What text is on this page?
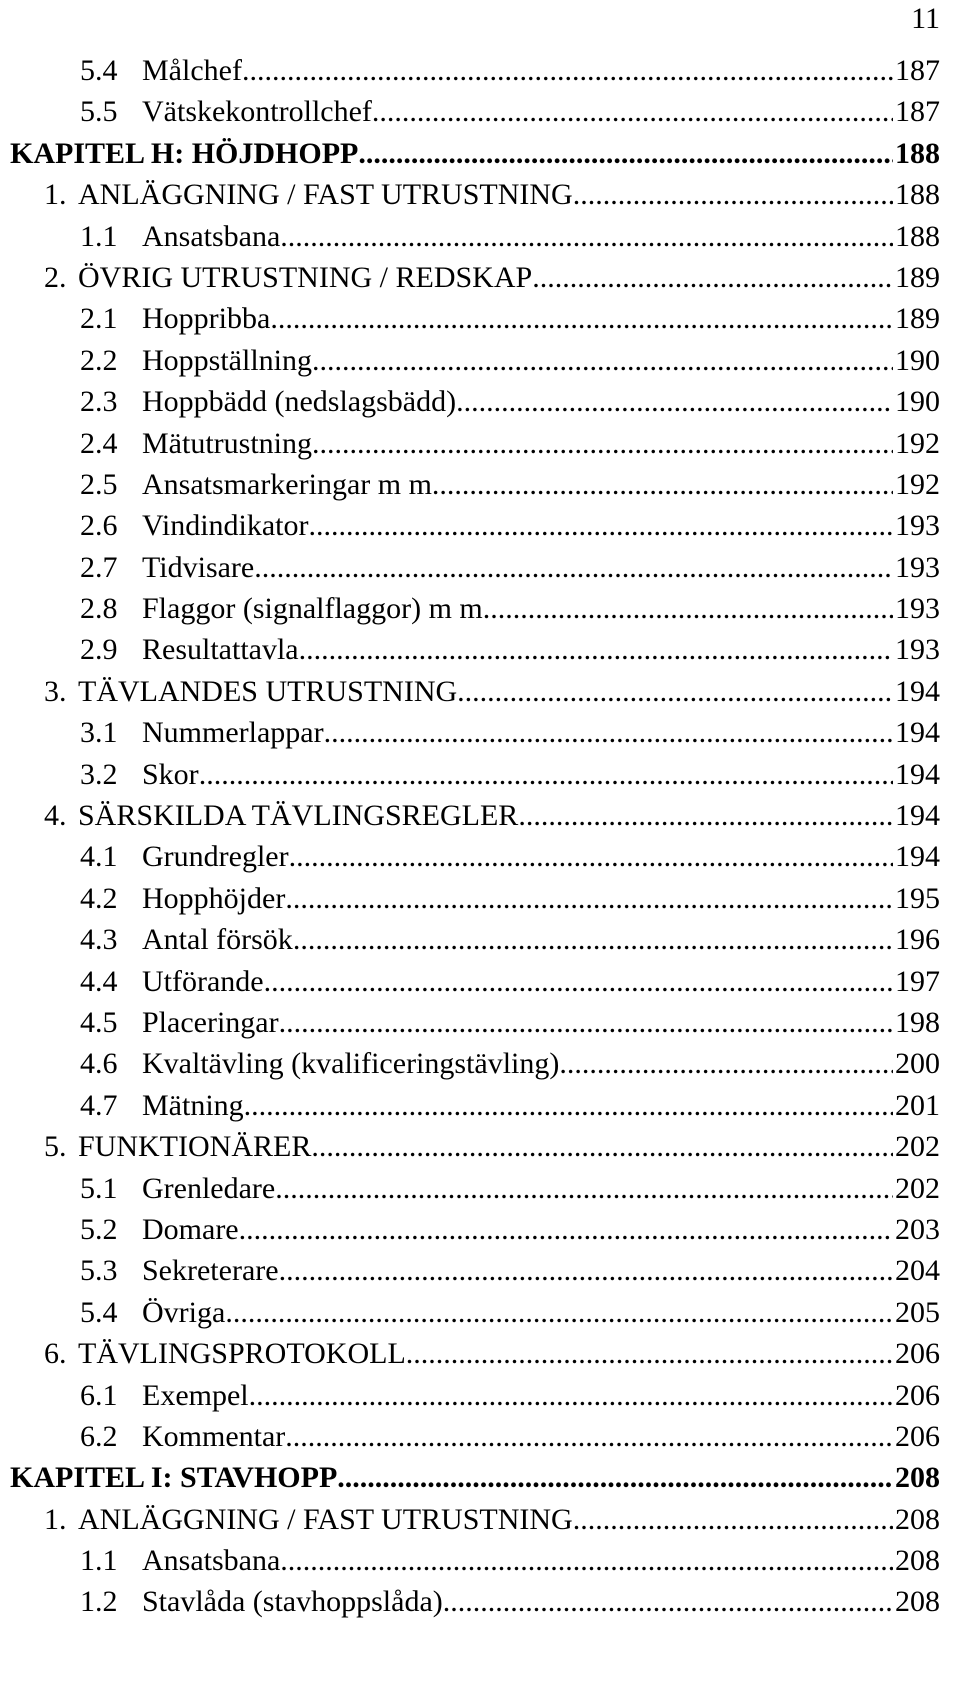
11
5.4 Målchef .....	187
5.5 Vätskekontrollchef .....	187
KAPITEL H: HÖJDHOPP .....	188
1. ANLÄGGNING / FAST UTRUSTNING .....	188
1.1 Ansatsbana .....	188
2. ÖVRIG UTRUSTNING / REDSKAP .....	189
2.1 Hoppribba .....	189
2.2 Hoppställning .....	190
2.3 Hoppbädd (nedslagsbädd) .....	190
2.4 Mätutrustning .....	192
2.5 Ansatsmarkeringar m m .....	192
2.6 Vindindikator .....	193
2.7 Tidvisare .....	193
2.8 Flaggor (signalflaggor) m m .....	193
2.9 Resultattavla .....	193
3. TÄVLANDES UTRUSTNING .....	194
3.1 Nummerlappar .....	194
3.2 Skor .....	194
4. SÄRSKILDA TÄVLINGSREGLER .....	194
4.1 Grundregler .....	194
4.2 Hopphöjder .....	195
4.3 Antal försök .....	196
4.4 Utförande .....	197
4.5 Placeringar .....	198
4.6 Kvaltävling (kvalificeringstävling) .....	200
4.7 Mätning .....	201
5. FUNKTIONÄRER .....	202
5.1 Grenledare .....	202
5.2 Domare .....	203
5.3 Sekreterare .....	204
5.4 Övriga .....	205
6. TÄVLINGSPROTOKOLL .....	206
6.1 Exempel .....	206
6.2 Kommentar .....	206
KAPITEL I: STAVHOPP .....	208
1. ANLÄGGNING / FAST UTRUSTNING .....	208
1.1 Ansatsbana .....	208
1.2 Stavlåda (stavhoppslåda) .....	208
